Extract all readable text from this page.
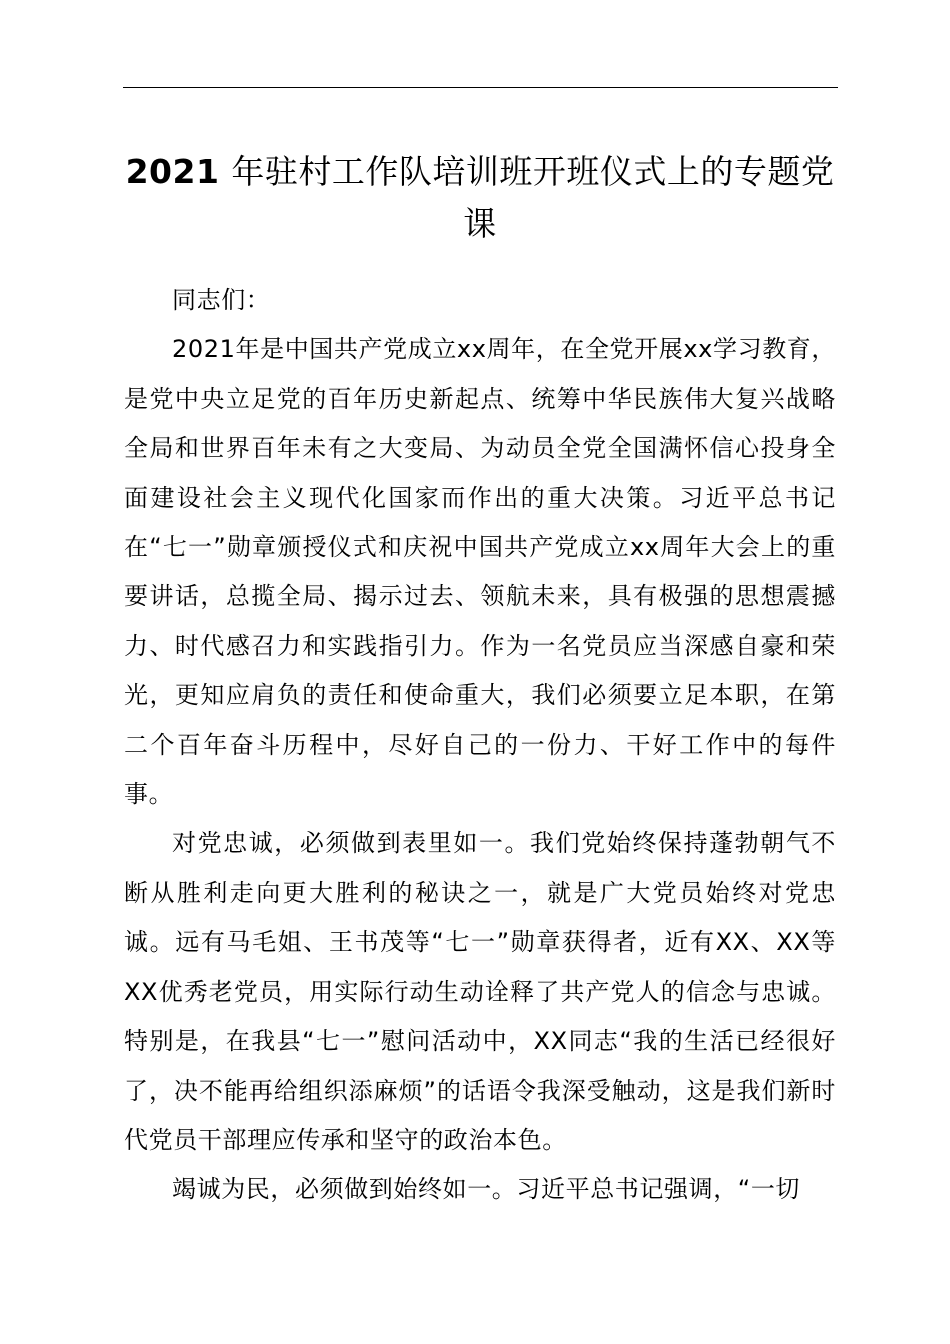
2021 年驻村工作队培训班开班仪式上的专题党课

同志们：

2021年是中国共产党成立xx周年，在全党开展xx学习教育，是党中央立足党的百年历史新起点、统筹中华民族伟大复兴战略全局和世界百年未有之大变局、为动员全党全国满怀信心投身全面建设社会主义现代化国家而作出的重大决策。习近平总书记在“七一”勋章颁授仪式和庆祝中国共产党成立xx周年大会上的重要讲话，总揽全局、揭示过去、领航未来，具有极强的思想震撼力、时代感召力和实践指引力。作为一名党员应当深感自豪和荣光，更知应肩负的责任和使命重大，我们必须要立足本职，在第二个百年奋斗历程中，尽好自己的一份力、干好工作中的每件事。

对党忠诚，必须做到表里如一。我们党始终保持蓬勃朝气不断从胜利走向更大胜利的秘诀之一，就是广大党员始终对党忠诚。远有马毛姐、王书茂等“七一”勋章获得者，近有XX、XX等XX优秀老党员，用实际行动生动诠释了共产党人的信念与忠诚。特别是，在我县“七一”慰问活动中，XX同志“我的生活已经很好了，决不能再给组织添麻烦”的话语令我深受触动，这是我们新时代党员干部理应传承和坚守的政治本色。

竭诚为民，必须做到始终如一。习近平总书记强调，“一切
